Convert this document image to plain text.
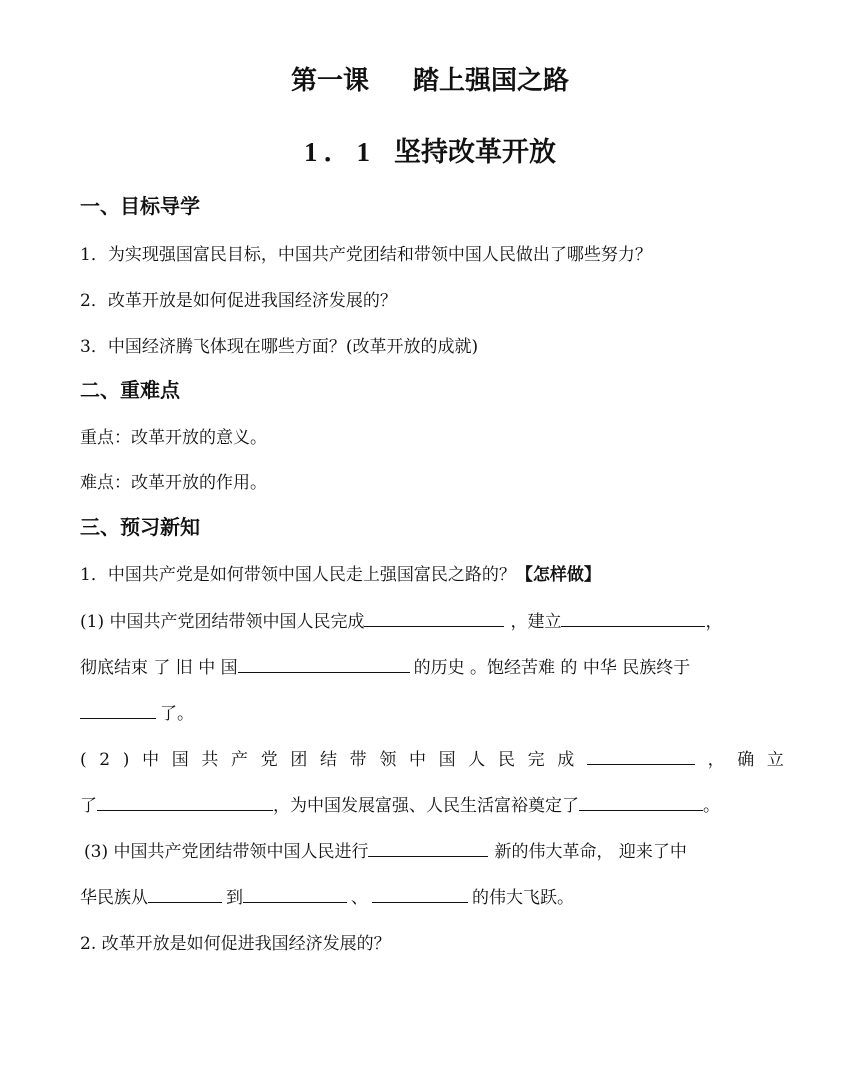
第一课 踏上强国之路
1．1 坚持改革开放
一、目标导学
1．为实现强国富民目标，中国共产党团结和带领中国人民做出了哪些努力？
2．改革开放是如何促进我国经济发展的？
3．中国经济腾飞体现在哪些方面？(改革开放的成就)
二、重难点
重点：改革开放的意义。
难点：改革开放的作用。
三、预习新知
1．中国共产党是如何带领中国人民走上强国富民之路的？【怎样做】
(1) 中国共产党团结带领中国人民完成	，建立	，
彻底结束 了 旧 中 国	的历史 。饱经苦难 的 中华 民族终于
了。
( 2 ) 中 国 共 产 党 团 结 带 领 中 国 人 民 完 成	， 确 立
了	，为中国发展富强、人民生活富裕奠定了	。
(3) 中国共产党团结带领中国人民进行	新的伟大革命， 迎来了中
华民族从	到	、	的伟大飞跃。
2. 改革开放是如何促进我国经济发展的？
